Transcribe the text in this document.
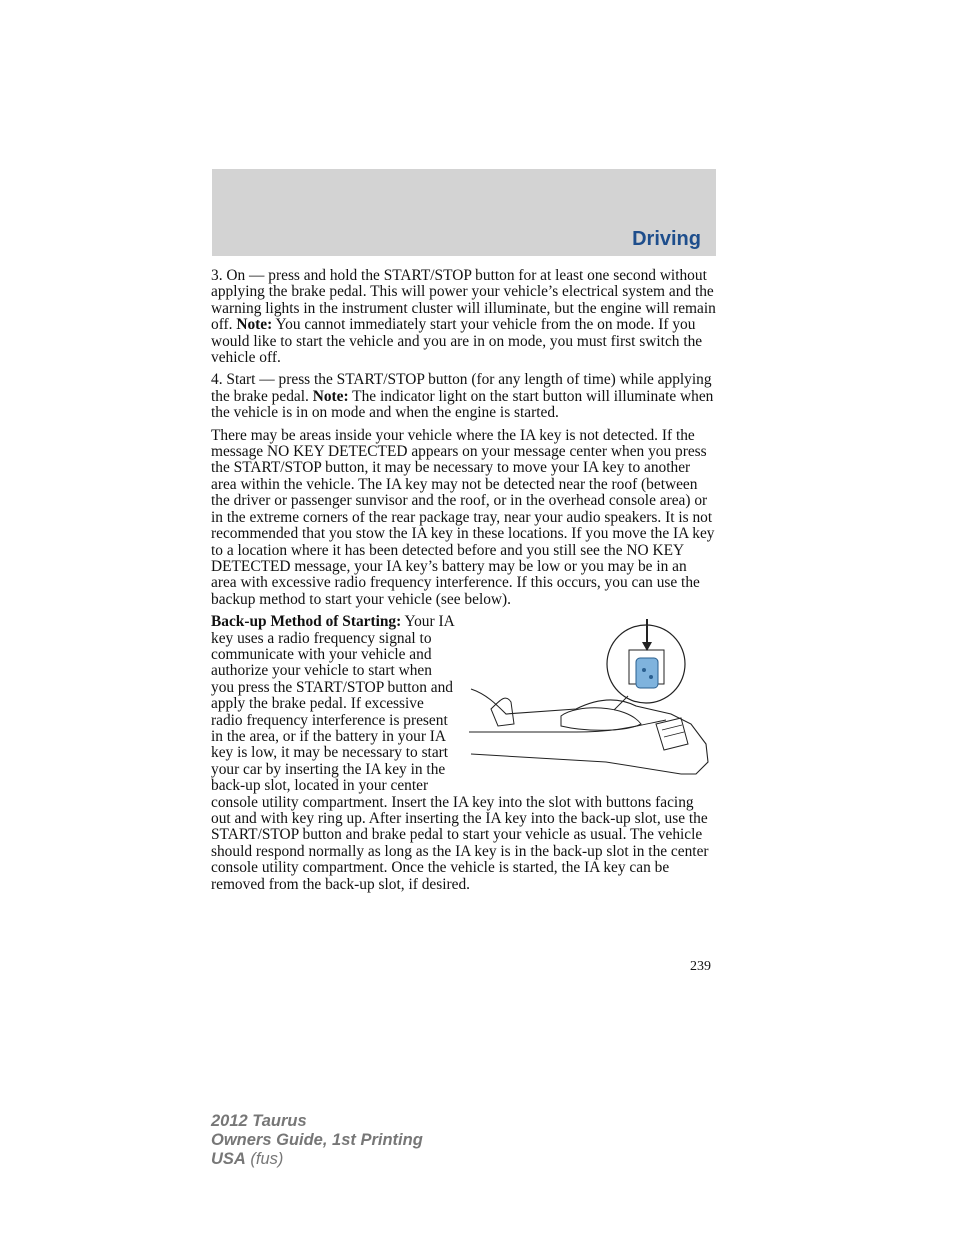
Driving

3. On — press and hold the START/STOP button for at least one second without applying the brake pedal. This will power your vehicle’s electrical system and the warning lights in the instrument cluster will illuminate, but the engine will remain off. Note: You cannot immediately start your vehicle from the on mode. If you would like to start the vehicle and you are in on mode, you must first switch the vehicle off.

4. Start — press the START/STOP button (for any length of time) while applying the brake pedal. Note: The indicator light on the start button will illuminate when the vehicle is in on mode and when the engine is started.

There may be areas inside your vehicle where the IA key is not detected. If the message NO KEY DETECTED appears on your message center when you press the START/STOP button, it may be necessary to move your IA key to another area within the vehicle. The IA key may not be detected near the roof (between the driver or passenger sunvisor and the roof, or in the overhead console area) or in the extreme corners of the rear package tray, near your audio speakers. It is not recommended that you stow the IA key in these locations. If you move the IA key to a location where it has been detected before and you still see the NO KEY DETECTED message, your IA key’s battery may be low or you may be in an area with excessive radio frequency interference. If this occurs, you can use the backup method to start your vehicle (see below).

Back-up Method of Starting: Your IA key uses a radio frequency signal to communicate with your vehicle and authorize your vehicle to start when you press the START/STOP button and apply the brake pedal. If excessive radio frequency interference is present in the area, or if the battery in your IA key is low, it may be necessary to start your car by inserting the IA key in the back-up slot, located in your center console utility compartment. Insert the IA key into the slot with buttons facing out and with key ring up. After inserting the IA key into the back-up slot, use the START/STOP button and brake pedal to start your vehicle as usual. The vehicle should respond normally as long as the IA key is in the back-up slot in the center console utility compartment. Once the vehicle is started, the IA key can be removed from the back-up slot, if desired.

239
2012 Taurus
Owners Guide, 1st Printing
USA (fus)
